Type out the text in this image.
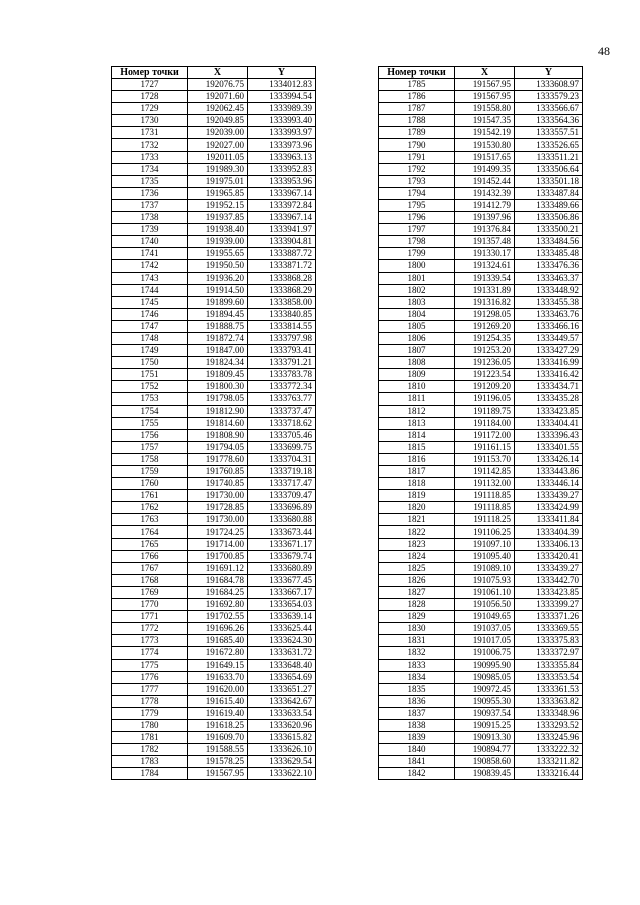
48
Номер точки	X	Y
1727	192076.75	1334012.83
1728	192071.60	1333994.54
1729	192062.45	1333989.39
1730	192049.85	1333993.40
1731	192039.00	1333993.97
1732	192027.00	1333973.96
1733	192011.05	1333963.13
1734	191989.30	1333952.83
1735	191975.01	1333953.96
1736	191965.85	1333967.14
1737	191952.15	1333972.84
1738	191937.85	1333967.14
1739	191938.40	1333941.97
1740	191939.00	1333904.81
1741	191955.65	1333887.72
1742	191950.50	1333871.72
1743	191936.20	1333868.28
1744	191914.50	1333868.29
1745	191899.60	1333858.00
1746	191894.45	1333840.85
1747	191888.75	1333814.55
1748	191872.74	1333797.98
1749	191847.00	1333793.41
1750	191824.34	1333791.21
1751	191809.45	1333783.78
1752	191800.30	1333772.34
1753	191798.05	1333763.77
1754	191812.90	1333737.47
1755	191814.60	1333718.62
1756	191808.90	1333705.46
1757	191794.05	1333699.75
1758	191778.60	1333704.31
1759	191760.85	1333719.18
1760	191740.85	1333717.47
1761	191730.00	1333709.47
1762	191728.85	1333696.89
1763	191730.00	1333680.88
1764	191724.25	1333673.44
1765	191714.00	1333671.17
1766	191700.85	1333679.74
1767	191691.12	1333680.89
1768	191684.78	1333677.45
1769	191684.25	1333667.17
1770	191692.80	1333654.03
1771	191702.55	1333639.14
1772	191696.26	1333625.44
1773	191685.40	1333624.30
1774	191672.80	1333631.72
1775	191649.15	1333648.40
1776	191633.70	1333654.69
1777	191620.00	1333651.27
1778	191615.40	1333642.67
1779	191619.40	1333633.54
1780	191618.25	1333620.96
1781	191609.70	1333615.82
1782	191588.55	1333626.10
1783	191578.25	1333629.54
1784	191567.95	1333622.10
Номер точки	X	Y
1785	191567.95	1333608.97
1786	191567.95	1333579.23
1787	191558.80	1333566.67
1788	191547.35	1333564.36
1789	191542.19	1333557.51
1790	191530.80	1333526.65
1791	191517.65	1333511.21
1792	191499.35	1333506.64
1793	191452.44	1333501.18
1794	191432.39	1333487.84
1795	191412.79	1333489.66
1796	191397.96	1333506.86
1797	191376.84	1333500.21
1798	191357.48	1333484.56
1799	191330.17	1333485.48
1800	191324.61	1333476.36
1801	191339.54	1333463.37
1802	191331.89	1333448.92
1803	191316.82	1333455.38
1804	191298.05	1333463.76
1805	191269.20	1333466.16
1806	191254.35	1333449.57
1807	191253.20	1333427.29
1808	191236.05	1333416.99
1809	191223.54	1333416.42
1810	191209.20	1333434.71
1811	191196.05	1333435.28
1812	191189.75	1333423.85
1813	191184.00	1333404.41
1814	191172.00	1333396.43
1815	191161.15	1333401.55
1816	191153.70	1333426.14
1817	191142.85	1333443.86
1818	191132.00	1333446.14
1819	191118.85	1333439.27
1820	191118.85	1333424.99
1821	191118.25	1333411.84
1822	191106.25	1333404.39
1823	191097.10	1333406.13
1824	191095.40	1333420.41
1825	191089.10	1333439.27
1826	191075.93	1333442.70
1827	191061.10	1333423.85
1828	191056.50	1333399.27
1829	191049.65	1333371.26
1830	191037.05	1333369.55
1831	191017.05	1333375.83
1832	191006.75	1333372.97
1833	190995.90	1333355.84
1834	190985.05	1333353.54
1835	190972.45	1333361.53
1836	190955.30	1333363.82
1837	190937.54	1333348.96
1838	190915.25	1333293.52
1839	190913.30	1333245.96
1840	190894.77	1333222.32
1841	190858.60	1333211.82
1842	190839.45	1333216.44
